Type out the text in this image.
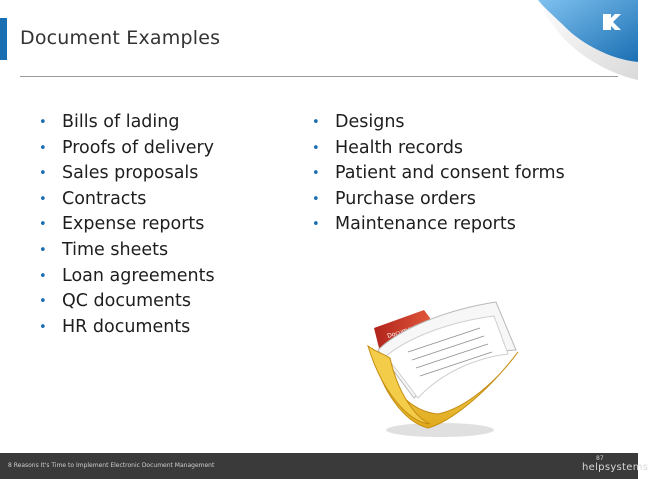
Document Examples
• Bills of lading
• Proofs of delivery
• Sales proposals
• Contracts
• Expense reports
• Time sheets
• Loan agreements
• QC documents
• HR documents
• Designs
• Health records
• Patient and consent forms
• Purchase orders
• Maintenance reports
8 Reasons It's Time to Implement Electronic Document Management
87
helpsystems
